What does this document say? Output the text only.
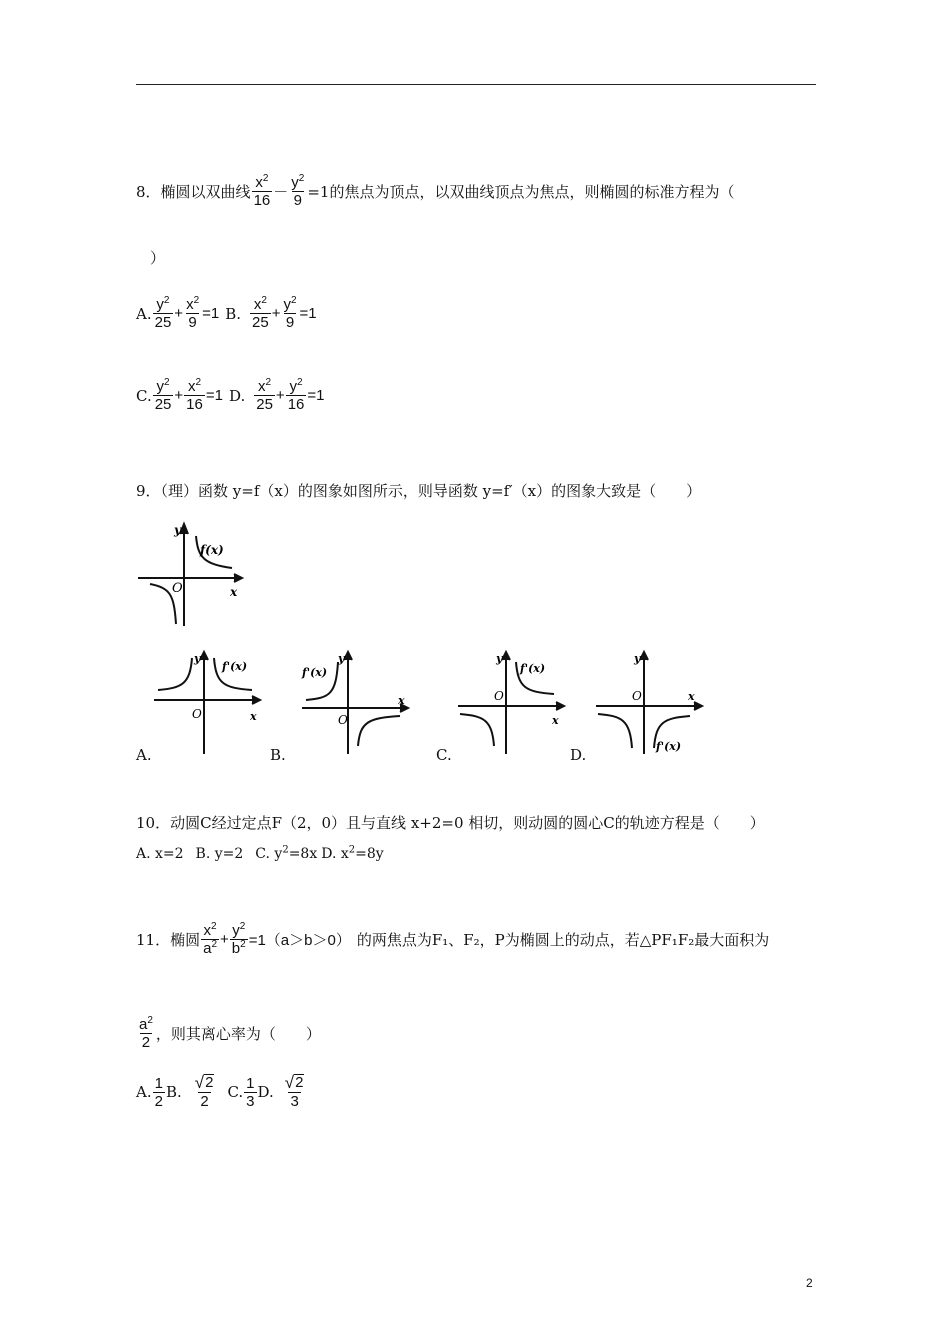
8． 椭圆以双曲线 $\frac{x^2}{16} - \frac{y^2}{9} =1$的焦点为顶点，以双曲线顶点为焦点，则椭圆的标准方程为（
）
A. $\frac{y^2}{25} + \frac{x^2}{9} =1$ B. $\frac{x^2}{25} + \frac{y^2}{9} =1$
C. $\frac{y^2}{25} + \frac{x^2}{16} =1$ D. $\frac{x^2}{25} + \frac{y^2}{16} =1$
9．（理）函数 y=f（x）的图象如图所示，则导函数 y=f′（x）的图象大致是（　　）
y
x
O
f(x)
y
x
O
f'(x)
A.
y
x
O
f'(x)
B.
y
x
O
f'(x)
C.
y
x
O
f'(x)
D.
10．动圆C经过定点F（2，0）且与直线 x+2=0 相切，则动圆的圆心C的轨迹方程是（　　）
A. x=2 B. y=2 C. $y^2=8x$ D. $x^2=8y$
11． 椭圆 $\frac{x^2}{a^2} + \frac{y^2}{b^2} =1(a>b>0)$ 的两焦点为F₁、F₂，P为椭圆上的动点，若△PF₁F₂最大面积为
$\frac{a^2}{2}$ ，则其离心率为（　　）
A. $\frac{1}{2} B$. $\frac{√ 2}{2} C$. $\frac{1}{3} D$. $\frac{√ 2}{3}$
2
